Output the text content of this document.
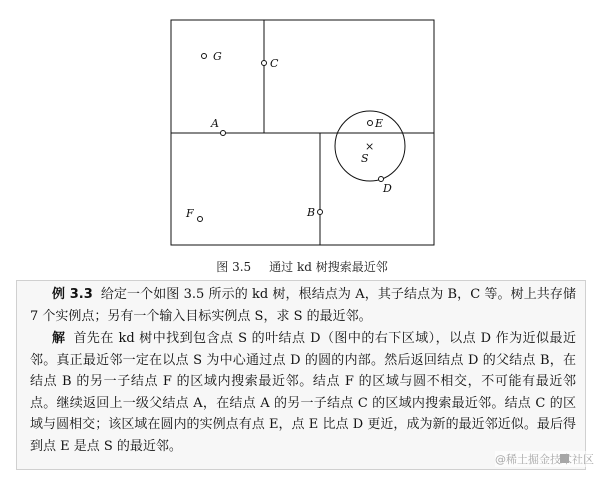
G
C
A	E
×
S
D
F	B
图 3.5 通过 kd 树搜索最近邻
例 3.3 给定一个如图 3.5 所示的 kd 树，根结点为 A，其子结点为 B，C 等。树上共存储 7 个实例点；另有一个输入目标实例点 S，求 S 的最近邻。
解 首先在 kd 树中找到包含点 S 的叶结点 D（图中的右下区域），以点 D 作为近似最近邻。真正最近邻一定在以点 S 为中心通过点 D 的圆的内部。然后返回结点 D 的父结点 B，在结点 B 的另一子结点 F 的区域内搜索最近邻。结点 F 的区域与圆不相交，不可能有最近邻点。继续返回上一级父结点 A，在结点 A 的另一子结点 C 的区域内搜索最近邻。结点 C 的区域与圆相交；该区域在圆内的实例点有点 E，点 E 比点 D 更近，成为新的最近邻近似。最后得到点 E 是点 S 的最近邻。
@稀土掘金技术社区
